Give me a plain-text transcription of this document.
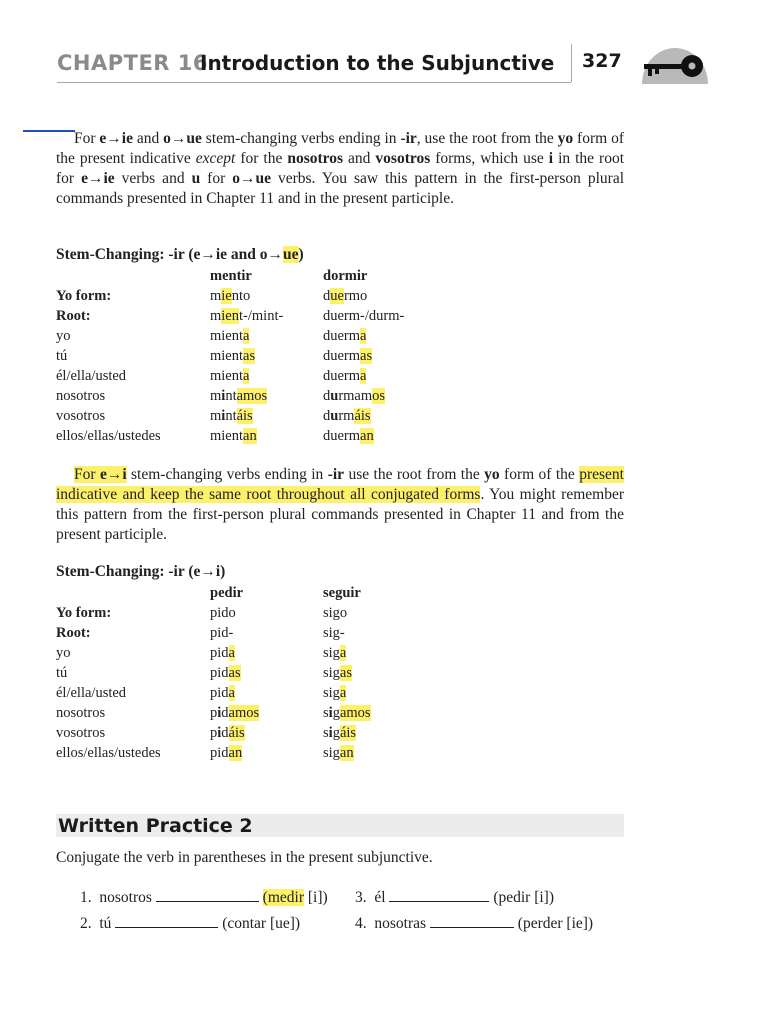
CHAPTER 16
Introduction to the Subjunctive 327

For e→ie and o→ue stem-changing verbs ending in -ir, use the root from the yo form of the present indicative except for the nosotros and vosotros forms, which use i in the root for e→ie verbs and u for o→ue verbs. You saw this pattern in the first-person plural commands presented in Chapter 11 and in the present participle.

Stem-Changing: -ir (e→ie and o→ue)
mentir	dormir
Yo form:	miento	duermo
Root:	mient-/mint-	duerm-/durm-
yo	mienta	duerma
tú	mientas	duermas
él/ella/usted	mienta	duerma
nosotros	mintamos	durmamos
vosotros	mintáis	durmáis
ellos/ellas/ustedes	mientan	duerman

For e→i stem-changing verbs ending in -ir use the root from the yo form of the present indicative and keep the same root throughout all conjugated forms. You might remember this pattern from the first-person plural commands presented in Chapter 11 and from the present participle.

Stem-Changing: -ir (e→i)
pedir	seguir
Yo form:	pido	sigo
Root:	pid-	sig-
yo	pida	siga
tú	pidas	sigas
él/ella/usted	pida	siga
nosotros	pidamos	sigamos
vosotros	pidáis	sigáis
ellos/ellas/ustedes	pidan	sigan
Written Practice 2
Conjugate the verb in parentheses in the present subjunctive.
1. nosotros	(medir [i])
2. tú	(contar [ue])
3. él	(pedir [i])
4. nosotras	(perder [ie])
